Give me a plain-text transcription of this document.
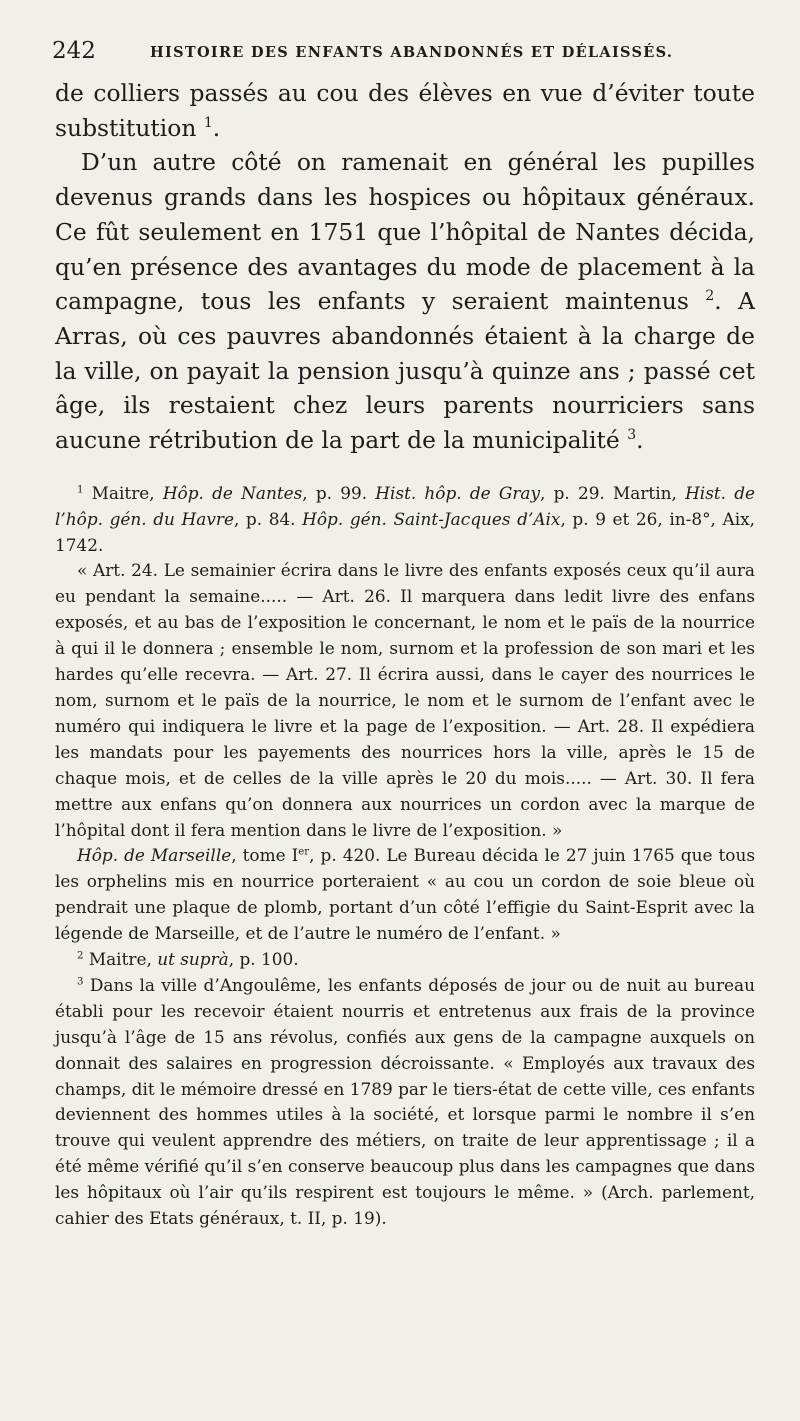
242	HISTOIRE DES ENFANTS ABANDONNÉS ET DÉLAISSÉS.

de colliers passés au cou des élèves en vue d’éviter toute substitution $^1$.

D’un autre côté on ramenait en général les pupilles devenus grands dans les hospices ou hôpitaux généraux. Ce fût seulement en 1751 que l’hôpital de Nantes décida, qu’en présence des avantages du mode de placement à la campagne, tous les enfants y seraient maintenus $^2$. A Arras, où ces pauvres abandonnés étaient à la charge de la ville, on payait la pension jusqu’à quinze ans ; passé cet âge, ils restaient chez leurs parents nourriciers sans aucune rétribution de la part de la municipalité $^3$.

$^1$ Maitre, Hôp. de Nantes, p. 99. Hist. hôp. de Gray, p. 29. Martin, Hist. de l’hôp. gén. du Havre, p. 84. Hôp. gén. Saint-Jacques d’Aix, p. 9 et 26, in-8°, Aix, 1742.

« Art. 24. Le semainier écrira dans le livre des enfants exposés ceux qu’il aura eu pendant la semaine..... — Art. 26. Il marquera dans ledit livre des enfans exposés, et au bas de l’exposition le concernant, le nom et le païs de la nourrice à qui il le donnera ; ensemble le nom, surnom et la profession de son mari et les hardes qu’elle recevra. — Art. 27. Il écrira aussi, dans le cayer des nourrices le nom, surnom et le païs de la nourrice, le nom et le surnom de l’enfant avec le numéro qui indiquera le livre et la page de l’exposition. — Art. 28. Il expédiera les mandats pour les payements des nourrices hors la ville, après le 15 de chaque mois, et de celles de la ville après le 20 du mois..... — Art. 30. Il fera mettre aux enfans qu’on donnera aux nourrices un cordon avec la marque de l’hôpital dont il fera mention dans le livre de l’exposition. »

Hôp. de Marseille, tome Ier, p. 420. Le Bureau décida le 27 juin 1765 que tous les orphelins mis en nourrice porteraient « au cou un cordon de soie bleue où pendrait une plaque de plomb, portant d’un côté l’effigie du Saint-Esprit avec la légende de Marseille, et de l’autre le numéro de l’enfant. »

$^2$ Maitre, ut suprà, p. 100.

$^3$ Dans la ville d’Angoulême, les enfants déposés de jour ou de nuit au bureau établi pour les recevoir étaient nourris et entretenus aux frais de la province jusqu’à l’âge de 15 ans révolus, confiés aux gens de la campagne auxquels on donnait des salaires en progression décroissante. « Employés aux travaux des champs, dit le mémoire dressé en 1789 par le tiers-état de cette ville, ces enfants deviennent des hommes utiles à la société, et lorsque parmi le nombre il s’en trouve qui veulent apprendre des métiers, on traite de leur apprentissage ; il a été même vérifié qu’il s’en conserve beaucoup plus dans les campagnes que dans les hôpitaux où l’air qu’ils respirent est toujours le même. » (Arch. parlement, cahier des Etats généraux, t. II, p. 19).
